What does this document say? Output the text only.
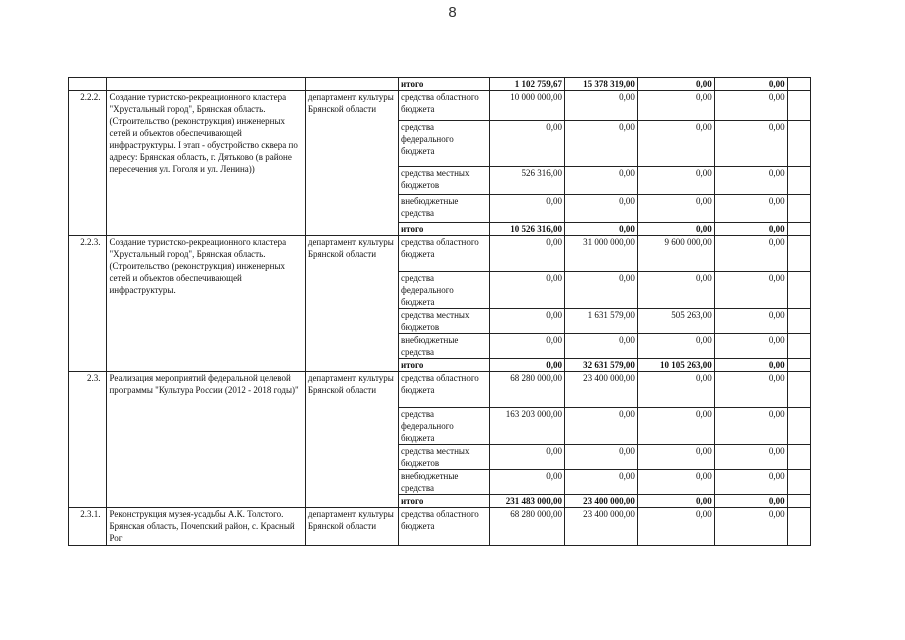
8
			итого	1 102 759,67	15 378 319,00	0,00	0,00	
2.2.2.	Создание туристско-рекреационного кластера "Хрустальный город", Брянская область. (Строительство (реконструкция) инженерных сетей и объектов обеспечивающей инфраструктуры. I этап - обустройство сквера по адресу: Брянская область, г. Дятьково (в районе пересечения ул. Гоголя и ул. Ленина))	департамент культуры Брянской области	средства областного бюджета	10 000 000,00	0,00	0,00	0,00	
			средства федерального бюджета	0,00	0,00	0,00	0,00	
			средства местных бюджетов	526 316,00	0,00	0,00	0,00	
			внебюджетные средства	0,00	0,00	0,00	0,00	
			итого	10 526 316,00	0,00	0,00	0,00	
2.2.3.	Создание туристско-рекреационного кластера "Хрустальный город", Брянская область. (Строительство (реконструкция) инженерных сетей и объектов обеспечивающей инфраструктуры.	департамент культуры Брянской области	средства областного бюджета	0,00	31 000 000,00	9 600 000,00	0,00	
			средства федерального бюджета	0,00	0,00	0,00	0,00	
			средства местных бюджетов	0,00	1 631 579,00	505 263,00	0,00	
			внебюджетные средства	0,00	0,00	0,00	0,00	
			итого	0,00	32 631 579,00	10 105 263,00	0,00	
2.3.	Реализация мероприятий федеральной целевой программы "Культура России (2012 - 2018 годы)"	департамент культуры Брянской области	средства областного бюджета	68 280 000,00	23 400 000,00	0,00	0,00	
			средства федерального бюджета	163 203 000,00	0,00	0,00	0,00	
			средства местных бюджетов	0,00	0,00	0,00	0,00	
			внебюджетные средства	0,00	0,00	0,00	0,00	
			итого	231 483 000,00	23 400 000,00	0,00	0,00	
2.3.1.	Реконструкция музея-усадьбы А.К. Толстого. Брянская область, Почепский район, с. Красный Рог	департамент культуры Брянской области	средства областного бюджета	68 280 000,00	23 400 000,00	0,00	0,00	
